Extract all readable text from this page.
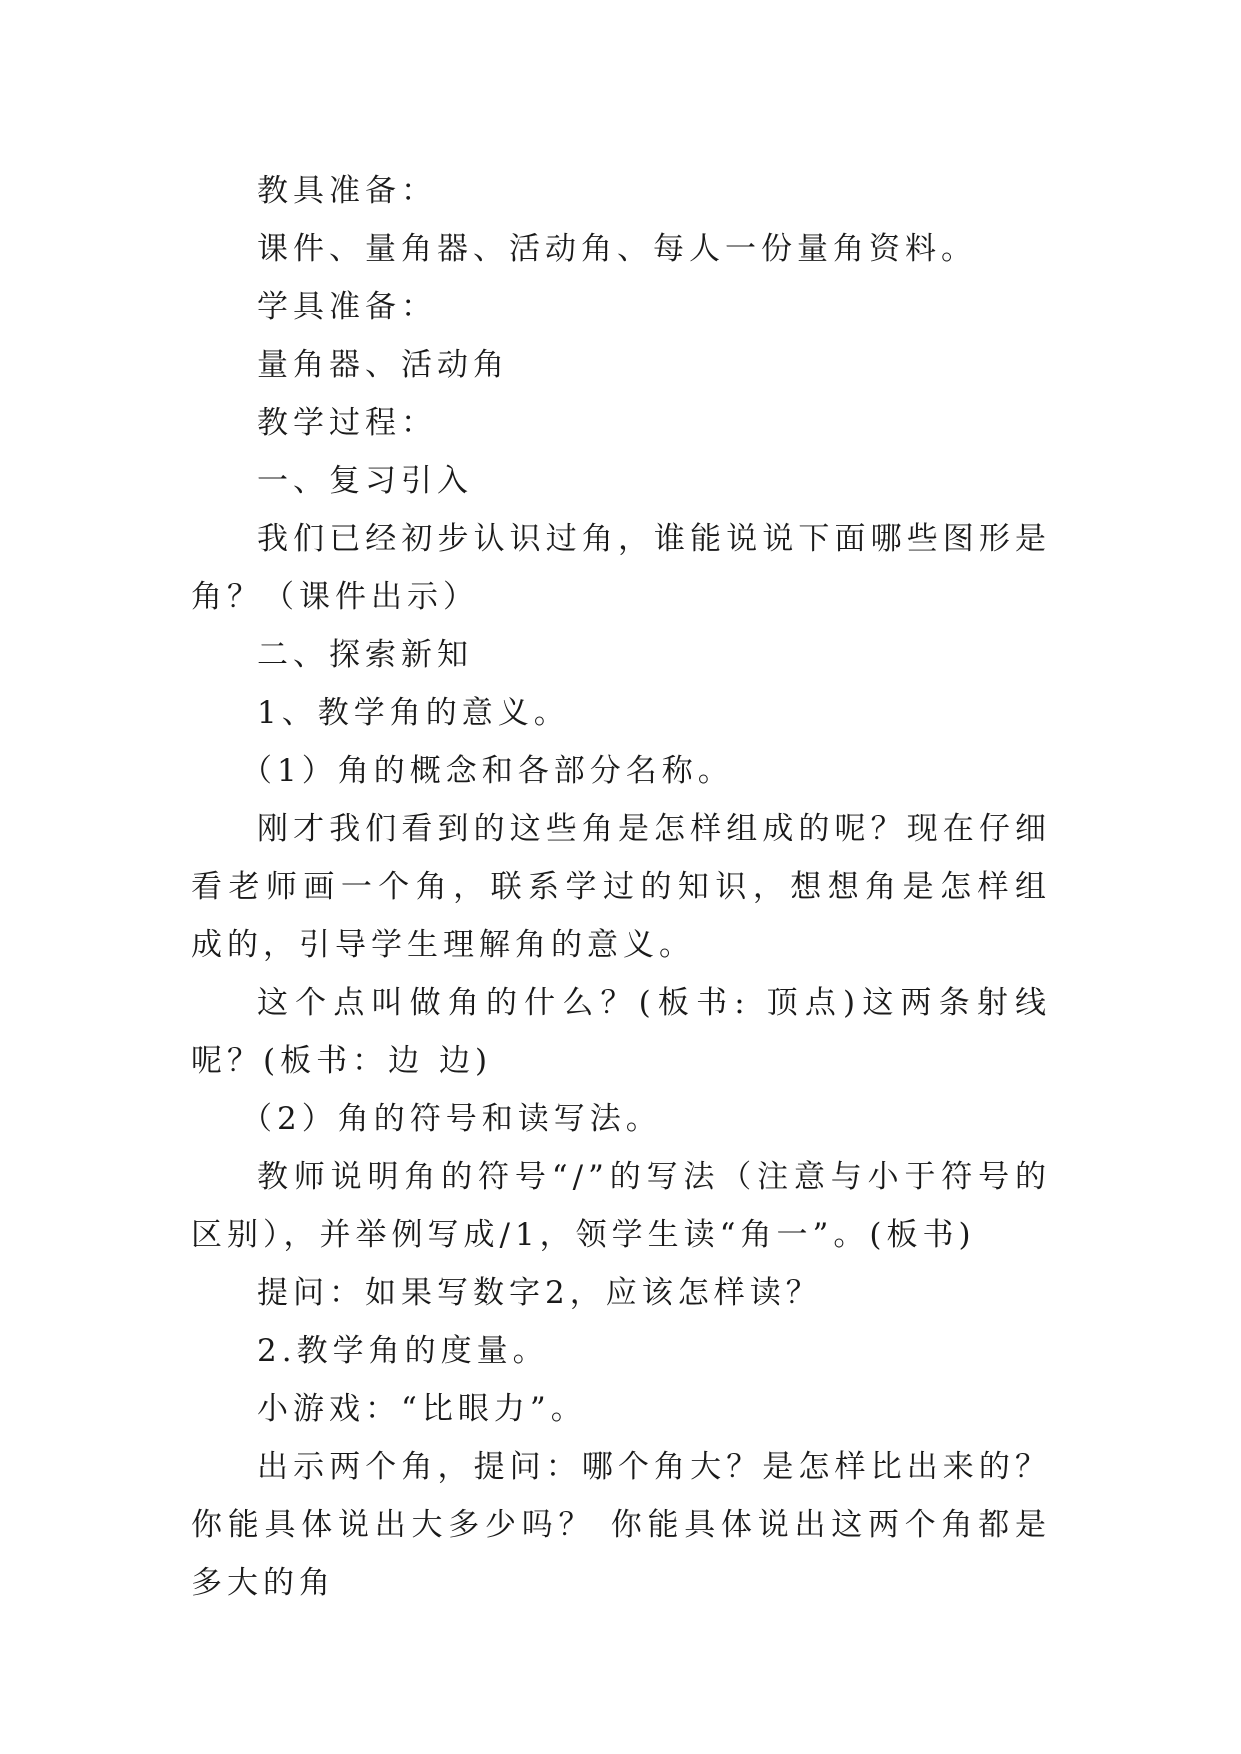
教具准备：

课件、量角器、活动角、每人一份量角资料。

学具准备：

量角器、活动角

教学过程：

一、复习引入

我们已经初步认识过角，谁能说说下面哪些图形是角？（课件出示）

二、探索新知

1、教学角的意义。

（1）角的概念和各部分名称。

刚才我们看到的这些角是怎样组成的呢？现在仔细看老师画一个角，联系学过的知识，想想角是怎样组成的，引导学生理解角的意义。

这个点叫做角的什么？(板书: 顶点)这两条射线呢？(板书：边 边)

（2）角的符号和读写法。

教师说明角的符号“/”的写法（注意与小于符号的区别），并举例写成/1，领学生读“角一”。(板书)

提问：如果写数字2，应该怎样读？

2.教学角的度量。

小游戏：“比眼力”。

出示两个角，提问：哪个角大？是怎样比出来的？你能具体说出大多少吗？ 你能具体说出这两个角都是多大的角
